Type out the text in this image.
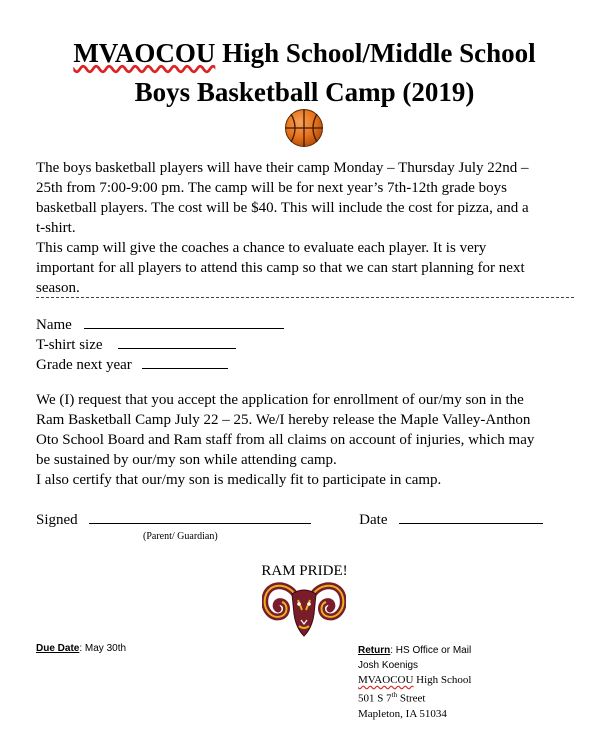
MVAOCOU High School/Middle School
Boys Basketball Camp (2019)
The boys basketball players will have their camp Monday – Thursday July 22nd –
25th from 7:00-9:00 pm. The camp will be for next year’s 7th-12th grade boys
basketball players. The cost will be $40. This will include the cost for pizza, and a
t-shirt.
This camp will give the coaches a chance to evaluate each player. It is very
important for all players to attend this camp so that we can start planning for next
season.
Name
T-shirt size
Grade next year
We (I) request that you accept the application for enrollment of our/my son in the
Ram Basketball Camp July 22 – 25. We/I hereby release the Maple Valley-Anthon
Oto School Board and Ram staff from all claims on account of injuries, which may
be sustained by our/my son while attending camp.
I also certify that our/my son is medically fit to participate in camp.
Signed	Date
(Parent/ Guardian)
RAM PRIDE!
Due Date: May 30th	Return: HS Office or Mail
Josh Koenigs
MVAOCOU High School
501 S 7th Street
Mapleton, IA 51034
